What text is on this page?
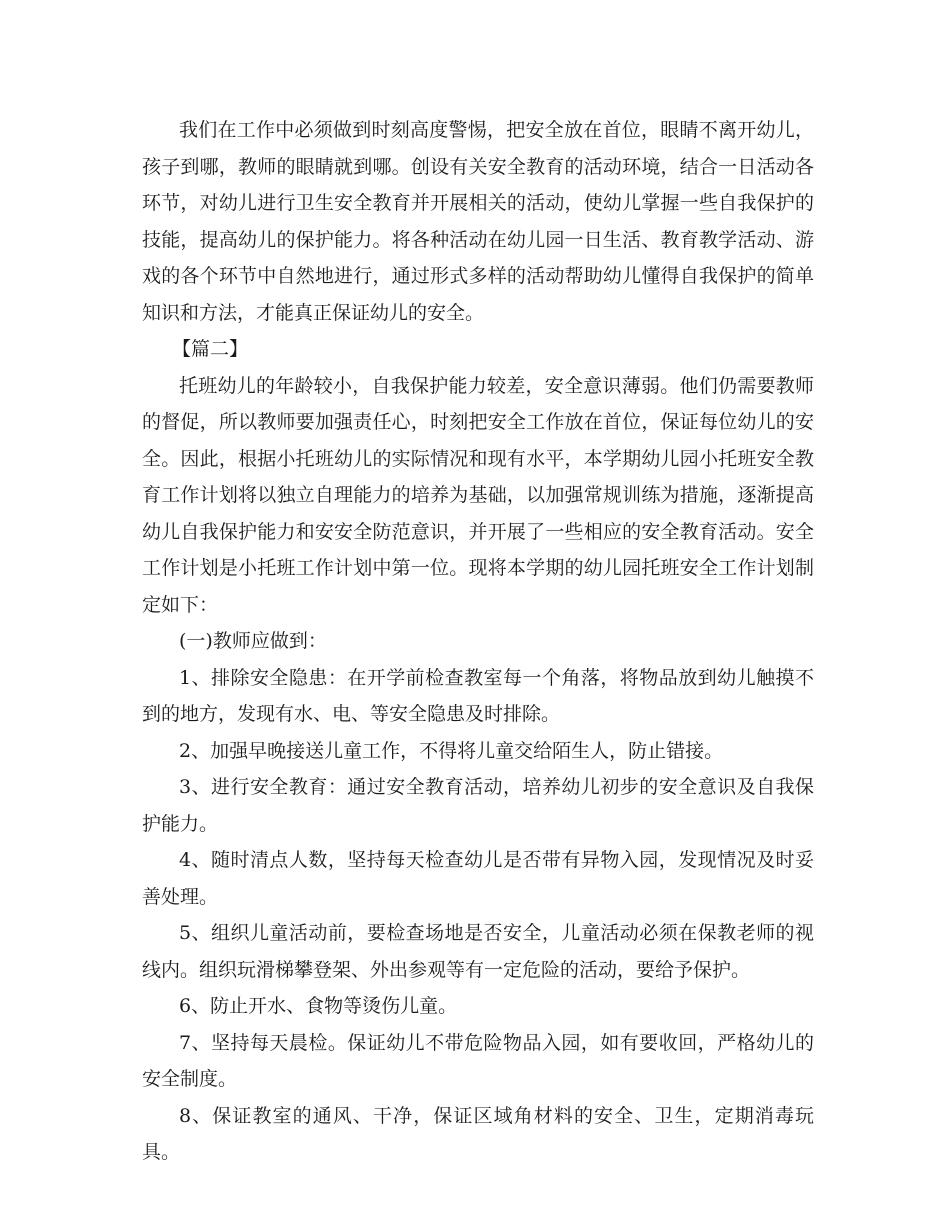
我们在工作中必须做到时刻高度警惕，把安全放在首位，眼睛不离开幼儿，孩子到哪，教师的眼睛就到哪。创设有关安全教育的活动环境，结合一日活动各环节，对幼儿进行卫生安全教育并开展相关的活动，使幼儿掌握一些自我保护的技能，提高幼儿的保护能力。将各种活动在幼儿园一日生活、教育教学活动、游戏的各个环节中自然地进行，通过形式多样的活动帮助幼儿懂得自我保护的简单知识和方法，才能真正保证幼儿的安全。

【篇二】

托班幼儿的年龄较小，自我保护能力较差，安全意识薄弱。他们仍需要教师的督促，所以教师要加强责任心，时刻把安全工作放在首位，保证每位幼儿的安全。因此，根据小托班幼儿的实际情况和现有水平，本学期幼儿园小托班安全教育工作计划将以独立自理能力的培养为基础，以加强常规训练为措施，逐渐提高幼儿自我保护能力和安安全防范意识，并开展了一些相应的安全教育活动。安全工作计划是小托班工作计划中第一位。现将本学期的幼儿园托班安全工作计划制定如下：

(一)教师应做到：

1、排除安全隐患：在开学前检查教室每一个角落，将物品放到幼儿触摸不到的地方，发现有水、电、等安全隐患及时排除。

2、加强早晚接送儿童工作，不得将儿童交给陌生人，防止错接。

3、进行安全教育：通过安全教育活动，培养幼儿初步的安全意识及自我保护能力。

4、随时清点人数，坚持每天检查幼儿是否带有异物入园，发现情况及时妥善处理。

5、组织儿童活动前，要检查场地是否安全，儿童活动必须在保教老师的视线内。组织玩滑梯攀登架、外出参观等有一定危险的活动，要给予保护。

6、防止开水、食物等烫伤儿童。

7、坚持每天晨检。保证幼儿不带危险物品入园，如有要收回，严格幼儿的安全制度。

8、保证教室的通风、干净，保证区域角材料的安全、卫生，定期消毒玩具。
